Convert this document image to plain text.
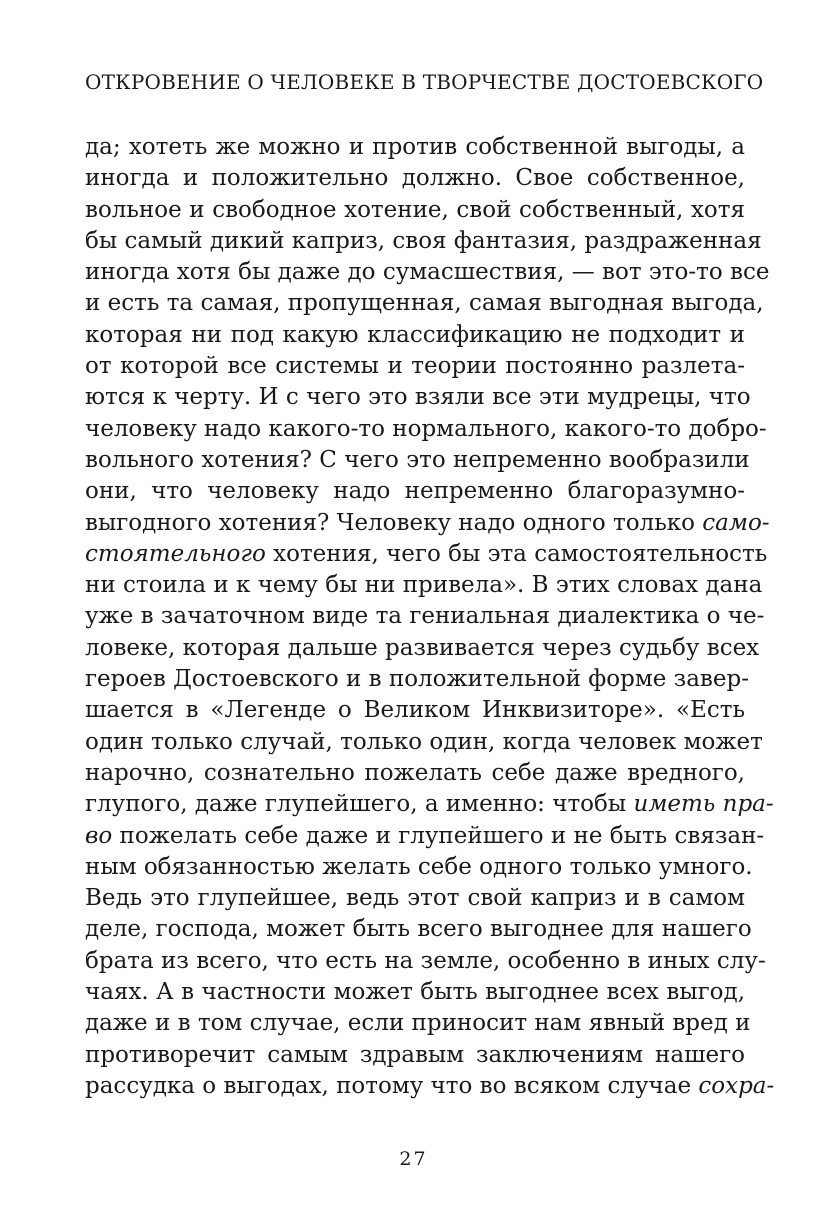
ОТКРОВЕНИЕ О ЧЕЛОВЕКЕ В ТВОРЧЕСТВЕ ДОСТОЕВСКОГО
да; хотеть же можно и против собственной выгоды, а
иногда и положительно должно. Свое собственное,
вольное и свободное хотение, свой собственный, хотя
бы самый дикий каприз, своя фантазия, раздраженная
иногда хотя бы даже до сумасшествия, — вот это-то все
и есть та самая, пропущенная, самая выгодная выгода,
которая ни под какую классификацию не подходит и
от которой все системы и теории постоянно разлета-
ются к черту. И с чего это взяли все эти мудрецы, что
человеку надо какого-то нормального, какого-то добро-
вольного хотения? С чего это непременно вообразили
они, что человеку надо непременно благоразумно-
выгодного хотения? Человеку надо одного только само-
стоятельного хотения, чего бы эта самостоятельность
ни стоила и к чему бы ни привела». В этих словах дана
уже в зачаточном виде та гениальная диалектика о че-
ловеке, которая дальше развивается через судьбу всех
героев Достоевского и в положительной форме завер-
шается в «Легенде о Великом Инквизиторе». «Есть
один только случай, только один, когда человек может
нарочно, сознательно пожелать себе даже вредного,
глупого, даже глупейшего, а именно: чтобы иметь пра-
во пожелать себе даже и глупейшего и не быть связан-
ным обязанностью желать себе одного только умного.
Ведь это глупейшее, ведь этот свой каприз и в самом
деле, господа, может быть всего выгоднее для нашего
брата из всего, что есть на земле, особенно в иных слу-
чаях. А в частности может быть выгоднее всех выгод,
даже и в том случае, если приносит нам явный вред и
противоречит самым здравым заключениям нашего
рассудка о выгодах, потому что во всяком случае сохра-
27
